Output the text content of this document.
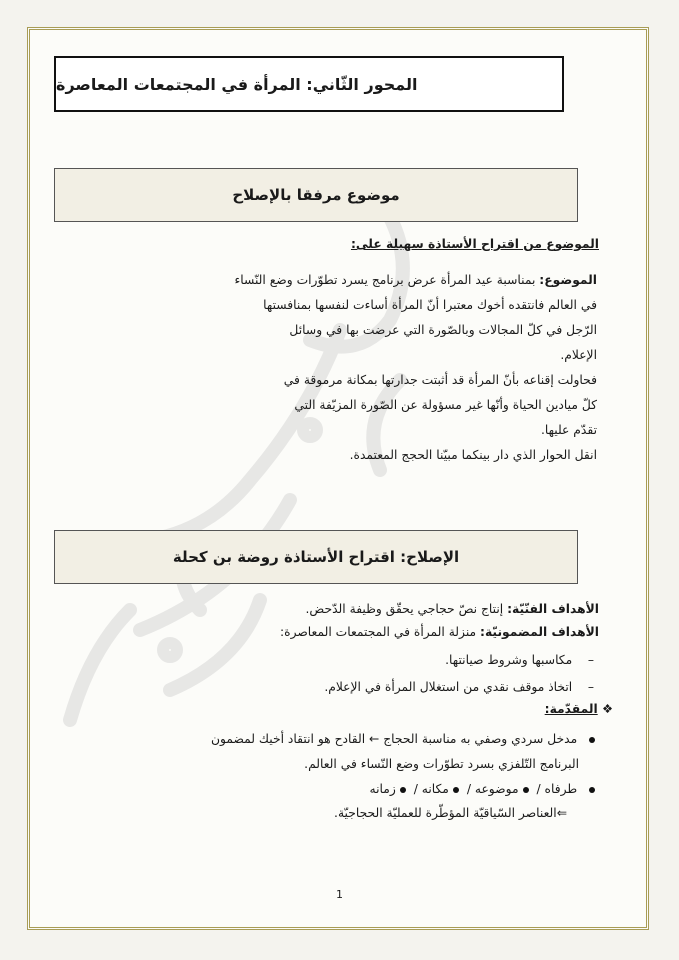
المحور الثّاني: المرأة في المجتمعات المعاصرة
موضوع مرفقا بالإصلاح
الموضوع من اقتراح الأستاذة سهيلة على:
الموضوع: بمناسبة عيد المرأة عرض برنامج يسرد تطوّرات وضع النّساء
في العالم فانتقده أخوك معتبرا أنّ المرأة أساءت لنفسها بمنافستها
الرّجل في كلّ المجالات وبالصّورة التي عرضت بها في وسائل
الإعلام.
فحاولت إقناعه بأنّ المرأة قد أثبتت جدارتها بمكانة مرموقة في
كلّ ميادين الحياة وأنّها غير مسؤولة عن الصّورة المزيّفة التي
تقدّم عليها.
انقل الحوار الذي دار بينكما مبيّنا الحجج المعتمدة.
الإصلاح: اقتراح الأستاذة روضة بن كحلة
الأهداف الفنّيّة: إنتاج نصّ حجاجي يحقّق وظيفة الدّحض.
الأهداف المضمونيّة: منزلة المرأة في المجتمعات المعاصرة:
–    مكاسبها وشروط صيانتها.
–    اتخاذ موقف نقدي من استغلال المرأة في الإعلام.
❖ المقدّمة:
مدخل سردي وصفي به مناسبة الحجاج ← القادح هو انتقاد أخيك لمضمون
البرنامج التّلفزي بسرد تطوّرات وضع النّساء في العالم.
طرفاه / موضوعه / مكانه / زمانه
⇐العناصر السّياقيّة المؤطّرة للعمليّة الحجاجيّة.
1
